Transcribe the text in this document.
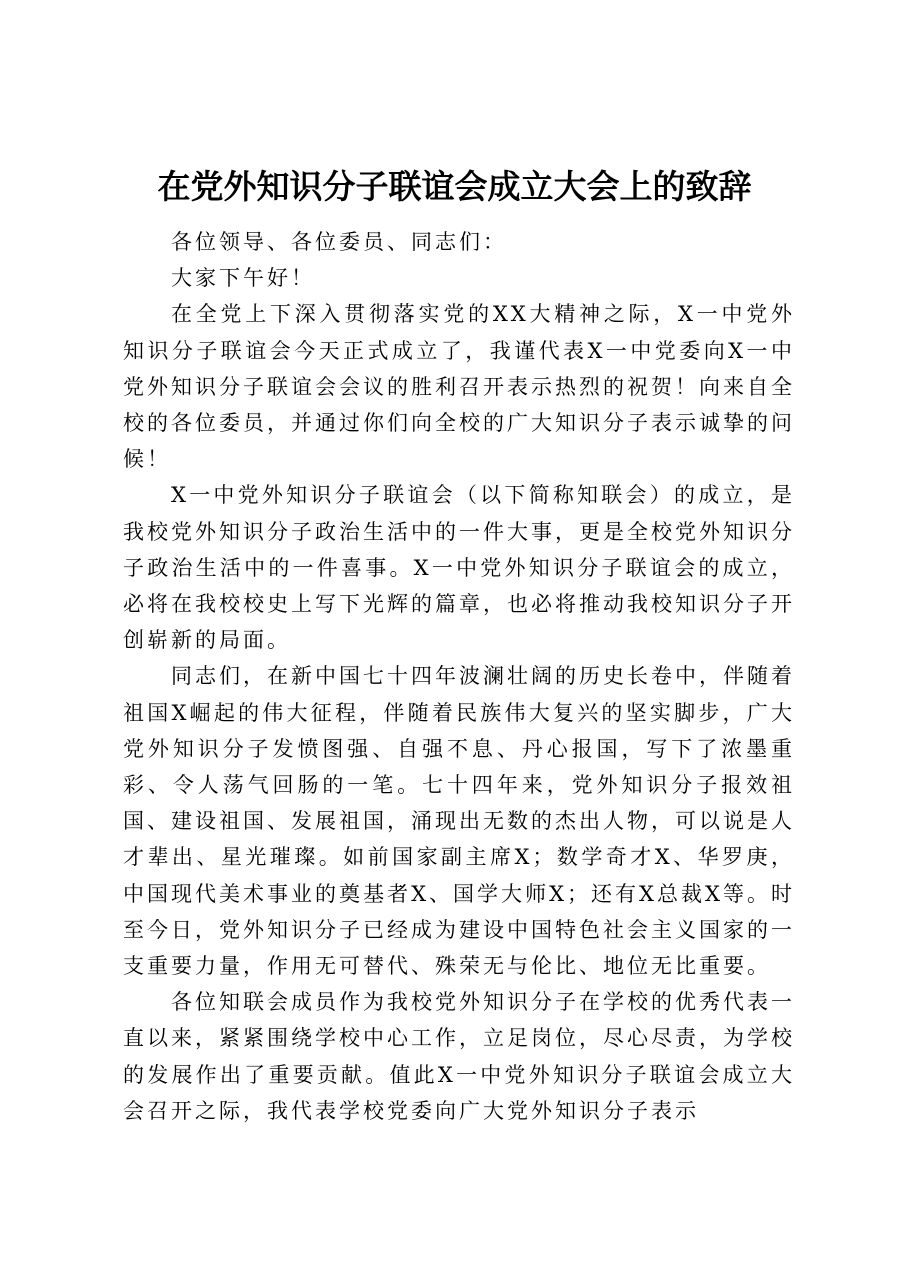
在党外知识分子联谊会成立大会上的致辞

各位领导、各位委员、同志们：

大家下午好！

在全党上下深入贯彻落实党的XX大精神之际，X一中党外知识分子联谊会今天正式成立了，我谨代表X一中党委向X一中党外知识分子联谊会会议的胜利召开表示热烈的祝贺！向来自全校的各位委员，并通过你们向全校的广大知识分子表示诚挚的问候！

X一中党外知识分子联谊会（以下简称知联会）的成立，是我校党外知识分子政治生活中的一件大事，更是全校党外知识分子政治生活中的一件喜事。X一中党外知识分子联谊会的成立，必将在我校校史上写下光辉的篇章，也必将推动我校知识分子开创崭新的局面。

同志们，在新中国七十四年波澜壮阔的历史长卷中，伴随着祖国X崛起的伟大征程，伴随着民族伟大复兴的坚实脚步，广大党外知识分子发愤图强、自强不息、丹心报国，写下了浓墨重彩、令人荡气回肠的一笔。七十四年来，党外知识分子报效祖国、建设祖国、发展祖国，涌现出无数的杰出人物，可以说是人才辈出、星光璀璨。如前国家副主席X；数学奇才X、华罗庚，中国现代美术事业的奠基者X、国学大师X；还有X总裁X等。时至今日，党外知识分子已经成为建设中国特色社会主义国家的一支重要力量，作用无可替代、殊荣无与伦比、地位无比重要。

各位知联会成员作为我校党外知识分子在学校的优秀代表一直以来，紧紧围绕学校中心工作，立足岗位，尽心尽责，为学校的发展作出了重要贡献。值此X一中党外知识分子联谊会成立大会召开之际，我代表学校党委向广大党外知识分子表示
